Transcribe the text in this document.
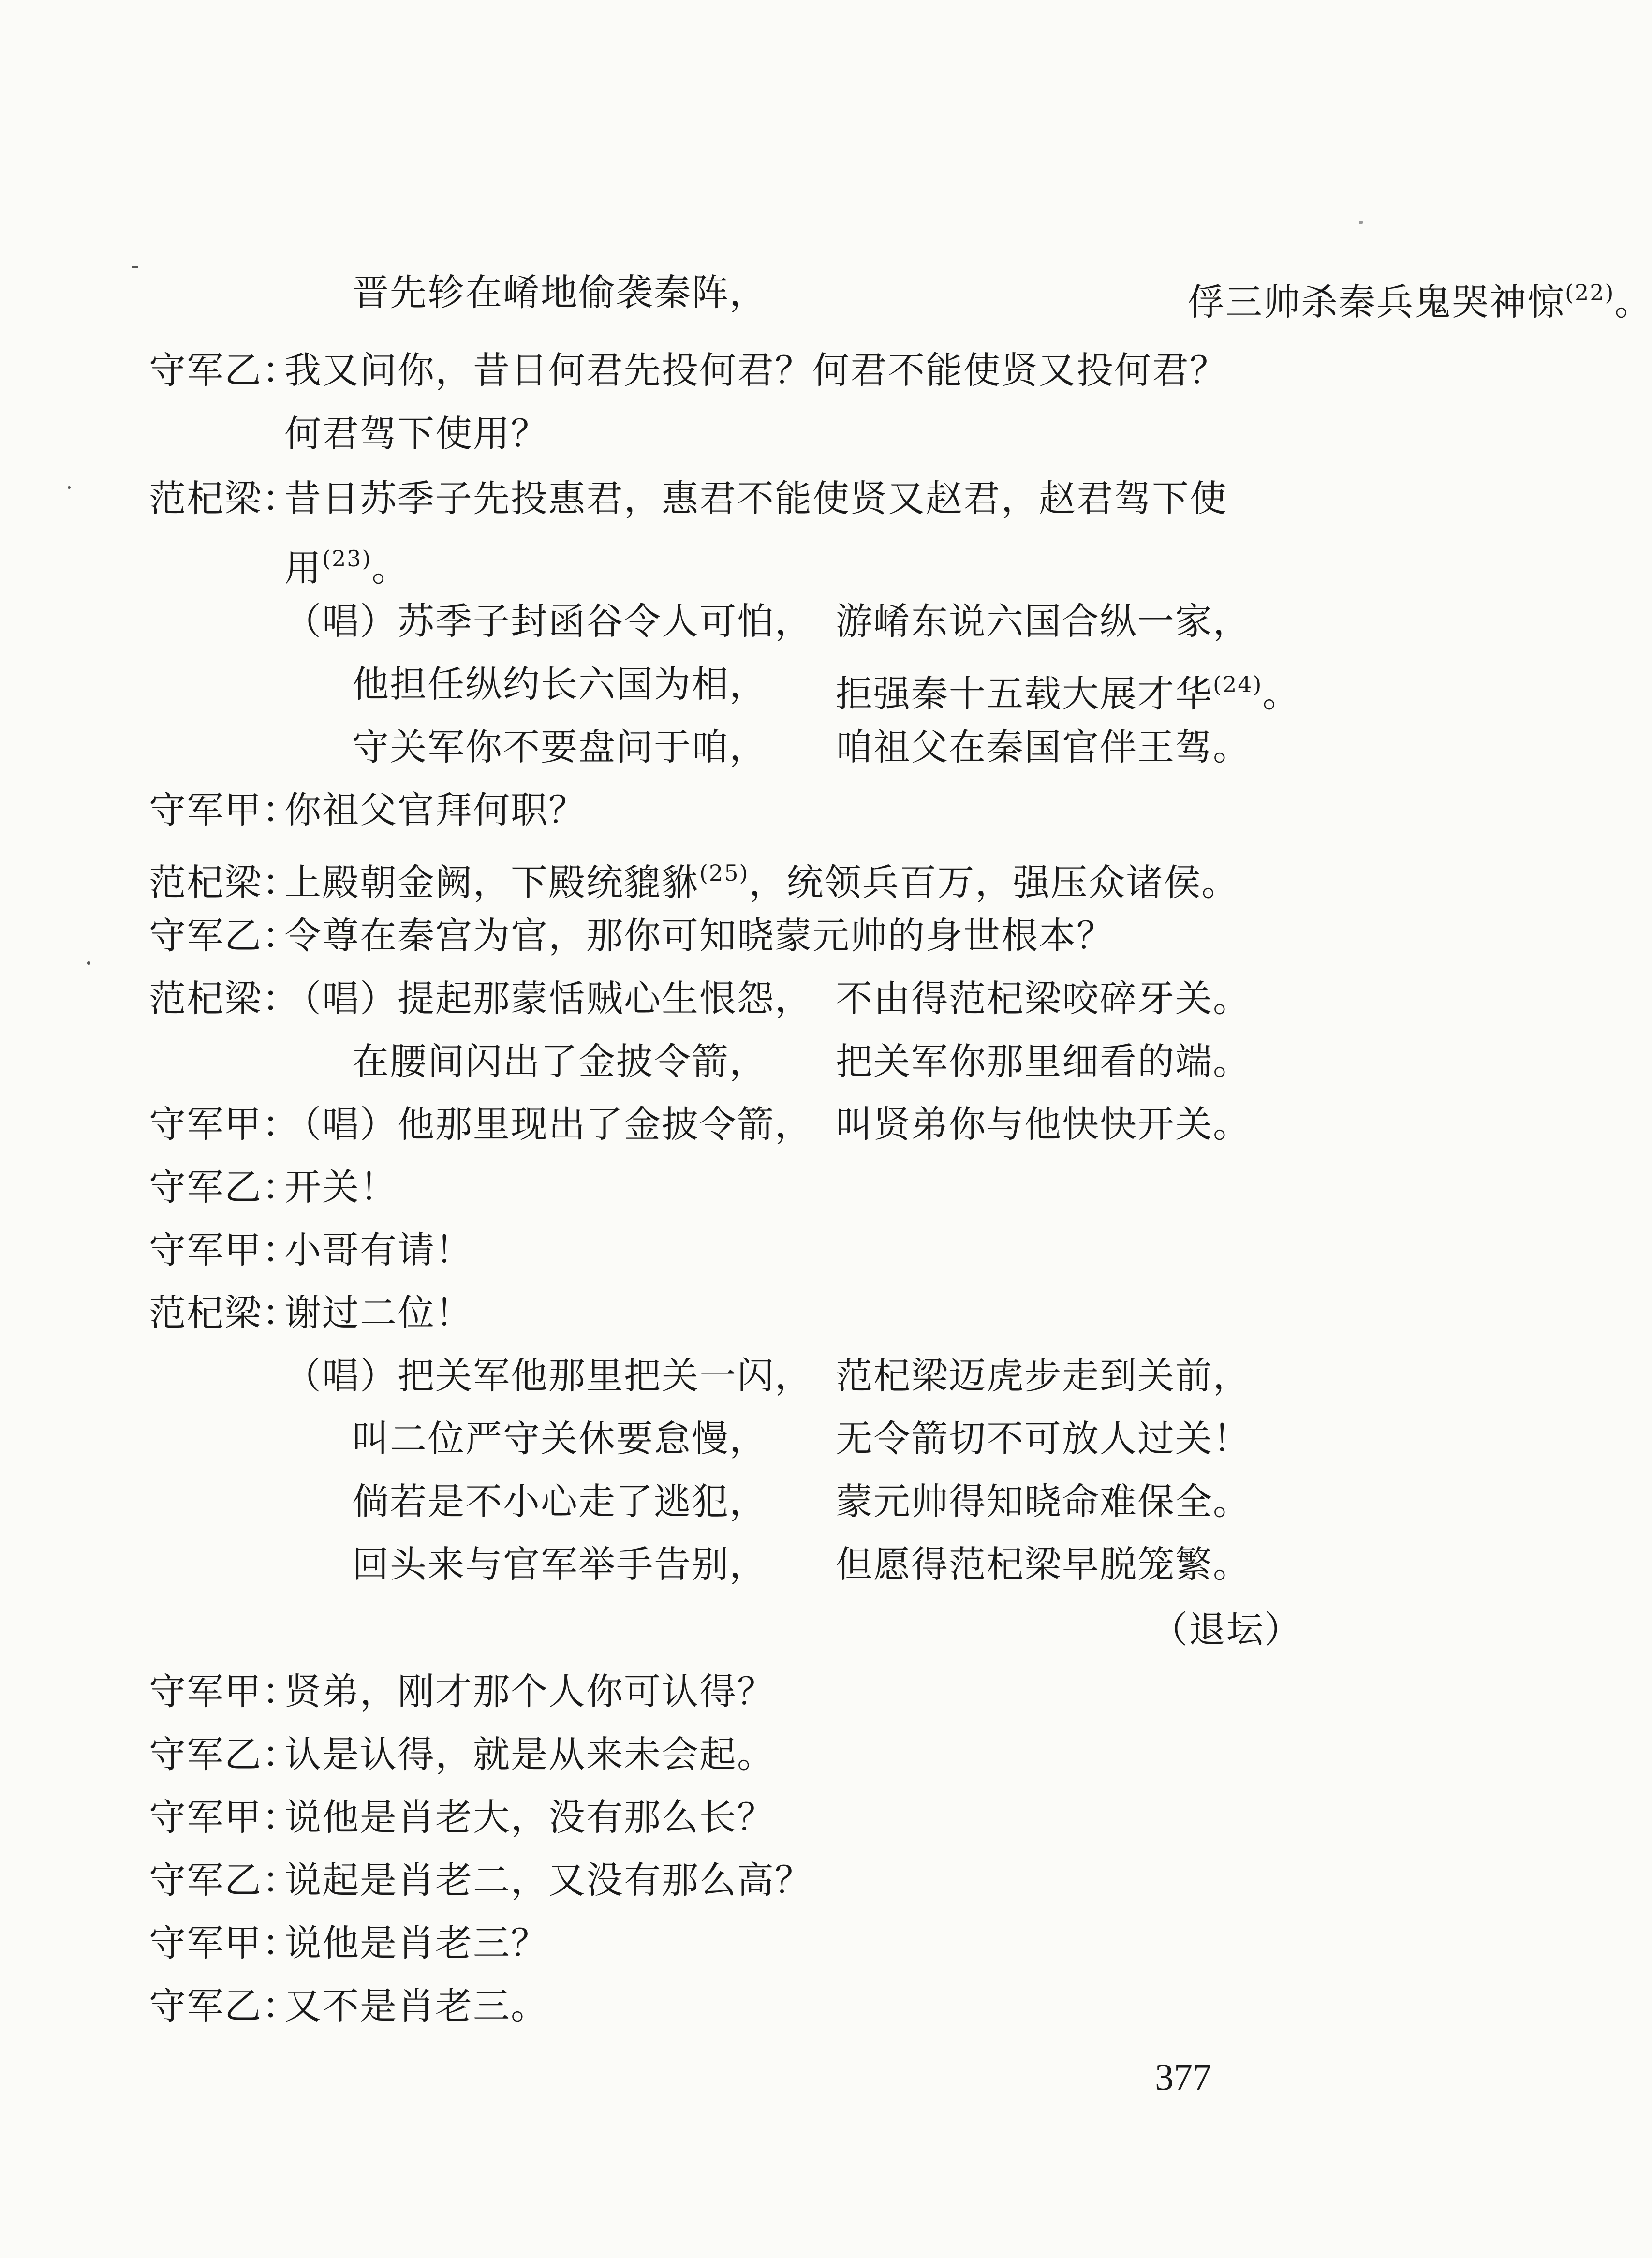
晋先轸在崤地偷袭秦阵，	俘三帅杀秦兵鬼哭神惊$^{(22)}$。
守军乙：我又问你，昔日何君先投何君？何君不能使贤又投何君？
何君驾下使用？
范杞梁：昔日苏季子先投惠君，惠君不能使贤又赵君，赵君驾下使
用$^{(23)}$。
（唱）苏季子封函谷令人可怕， 游崤东说六国合纵一家，
他担任纵约长六国为相， 拒强秦十五载大展才华$^{(24)}$。
守关军你不要盘问于咱， 咱祖父在秦国官伴王驾。
守军甲：你祖父官拜何职？
范杞梁：上殿朝金阙，下殿统貔貅$^{(25)}$，统领兵百万，强压众诸侯。
守军乙：令尊在秦宫为官，那你可知晓蒙元帅的身世根本？
范杞梁：（唱）提起那蒙恬贼心生恨怨， 不由得范杞梁咬碎牙关。
在腰间闪出了金披令箭， 把关军你那里细看的端。
守军甲：（唱）他那里现出了金披令箭， 叫贤弟你与他快快开关。
守军乙：开关！
守军甲：小哥有请！
范杞梁：谢过二位！
（唱）把关军他那里把关一闪， 范杞梁迈虎步走到关前，
叫二位严守关休要怠慢， 无令箭切不可放人过关！
倘若是不小心走了逃犯， 蒙元帅得知晓命难保全。
回头来与官军举手告别， 但愿得范杞梁早脱笼繁。
（退坛）
守军甲：贤弟，刚才那个人你可认得？
守军乙：认是认得，就是从来未会起。
守军甲：说他是肖老大，没有那么长？
守军乙：说起是肖老二，又没有那么高？
守军甲：说他是肖老三？
守军乙：又不是肖老三。
377
